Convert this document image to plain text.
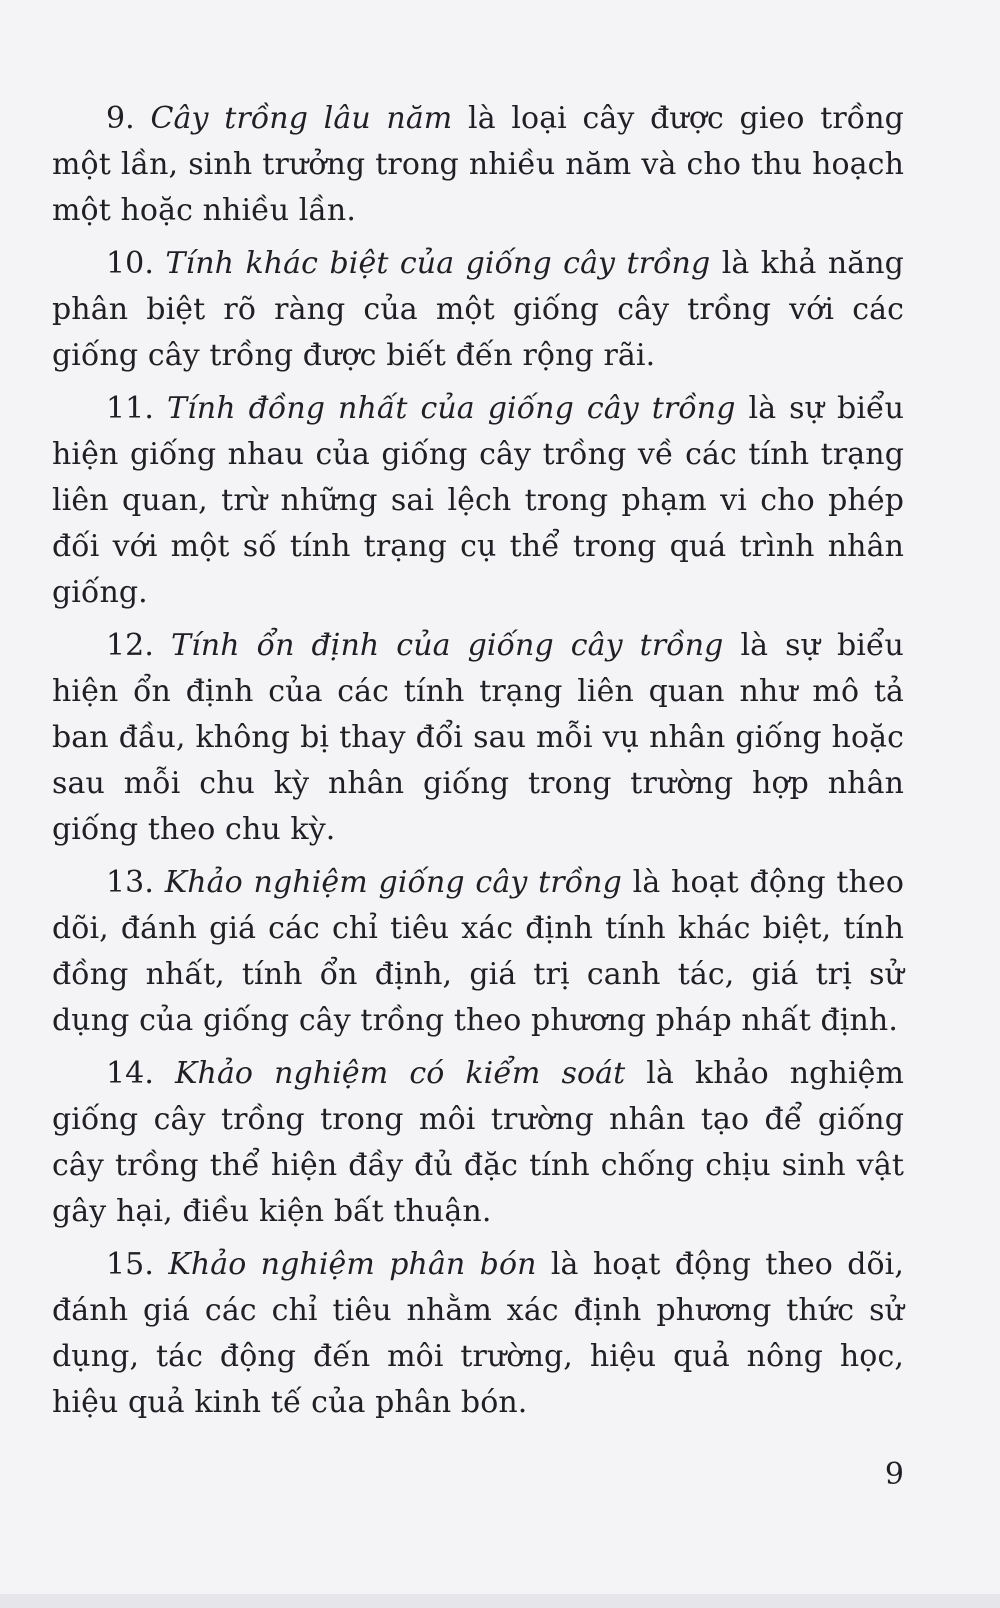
9. Cây trồng lâu năm là loại cây được gieo trồng một lần, sinh trưởng trong nhiều năm và cho thu hoạch một hoặc nhiều lần.

10. Tính khác biệt của giống cây trồng là khả năng phân biệt rõ ràng của một giống cây trồng với các giống cây trồng được biết đến rộng rãi.

11. Tính đồng nhất của giống cây trồng là sự biểu hiện giống nhau của giống cây trồng về các tính trạng liên quan, trừ những sai lệch trong phạm vi cho phép đối với một số tính trạng cụ thể trong quá trình nhân giống.

12. Tính ổn định của giống cây trồng là sự biểu hiện ổn định của các tính trạng liên quan như mô tả ban đầu, không bị thay đổi sau mỗi vụ nhân giống hoặc sau mỗi chu kỳ nhân giống trong trường hợp nhân giống theo chu kỳ.

13. Khảo nghiệm giống cây trồng là hoạt động theo dõi, đánh giá các chỉ tiêu xác định tính khác biệt, tính đồng nhất, tính ổn định, giá trị canh tác, giá trị sử dụng của giống cây trồng theo phương pháp nhất định.

14. Khảo nghiệm có kiểm soát là khảo nghiệm giống cây trồng trong môi trường nhân tạo để giống cây trồng thể hiện đầy đủ đặc tính chống chịu sinh vật gây hại, điều kiện bất thuận.

15. Khảo nghiệm phân bón là hoạt động theo dõi, đánh giá các chỉ tiêu nhằm xác định phương thức sử dụng, tác động đến môi trường, hiệu quả nông học, hiệu quả kinh tế của phân bón.

9
